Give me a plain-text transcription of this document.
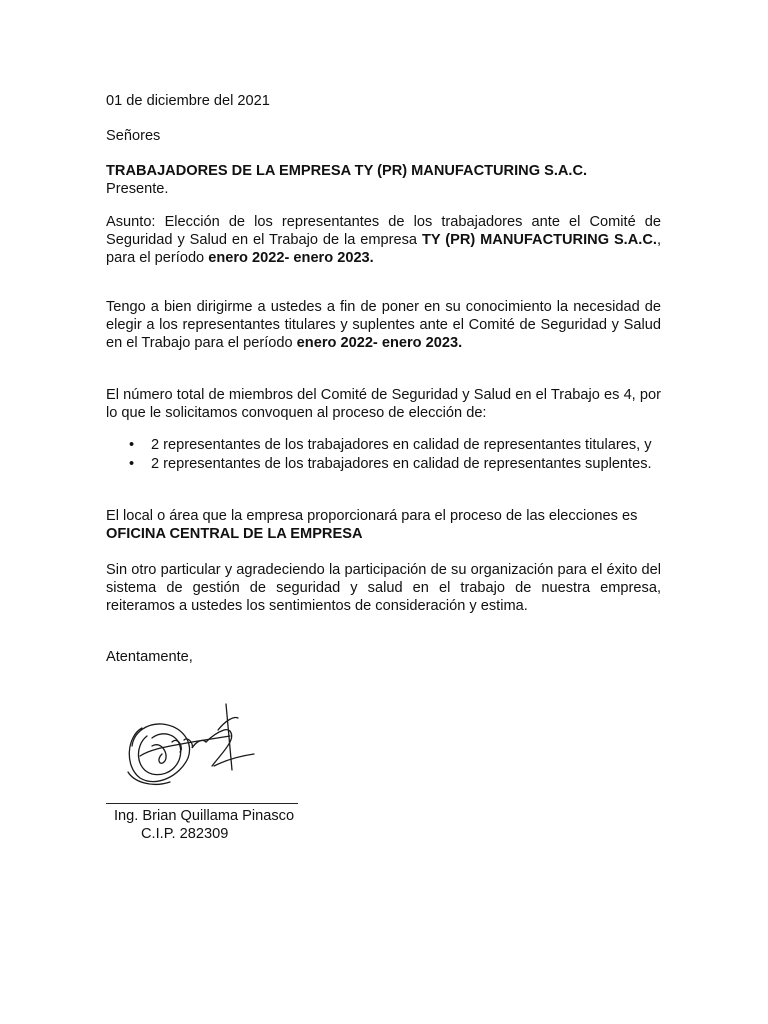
01 de diciembre del 2021

Señores

TRABAJADORES DE LA EMPRESA TY (PR) MANUFACTURING S.A.C.
Presente.

Asunto: Elección de los representantes de los trabajadores ante el Comité de Seguridad y Salud en el Trabajo de la empresa TY (PR) MANUFACTURING S.A.C., para el período enero 2022- enero 2023.

Tengo a bien dirigirme a ustedes a fin de poner en su conocimiento la necesidad de elegir a los representantes titulares y suplentes ante el Comité de Seguridad y Salud en el Trabajo para el período enero 2022- enero 2023.

El número total de miembros del Comité de Seguridad y Salud en el Trabajo es 4, por lo que le solicitamos convoquen al proceso de elección de:

• 2 representantes de los trabajadores en calidad de representantes titulares, y
• 2 representantes de los trabajadores en calidad de representantes suplentes.

El local o área que la empresa proporcionará para el proceso de las elecciones es OFICINA CENTRAL DE LA EMPRESA

Sin otro particular y agradeciendo la participación de su organización para el éxito del sistema de gestión de seguridad y salud en el trabajo de nuestra empresa, reiteramos a ustedes los sentimientos de consideración y estima.

Atentamente,

Ing. Brian Quillama Pinasco

C.I.P. 282309
